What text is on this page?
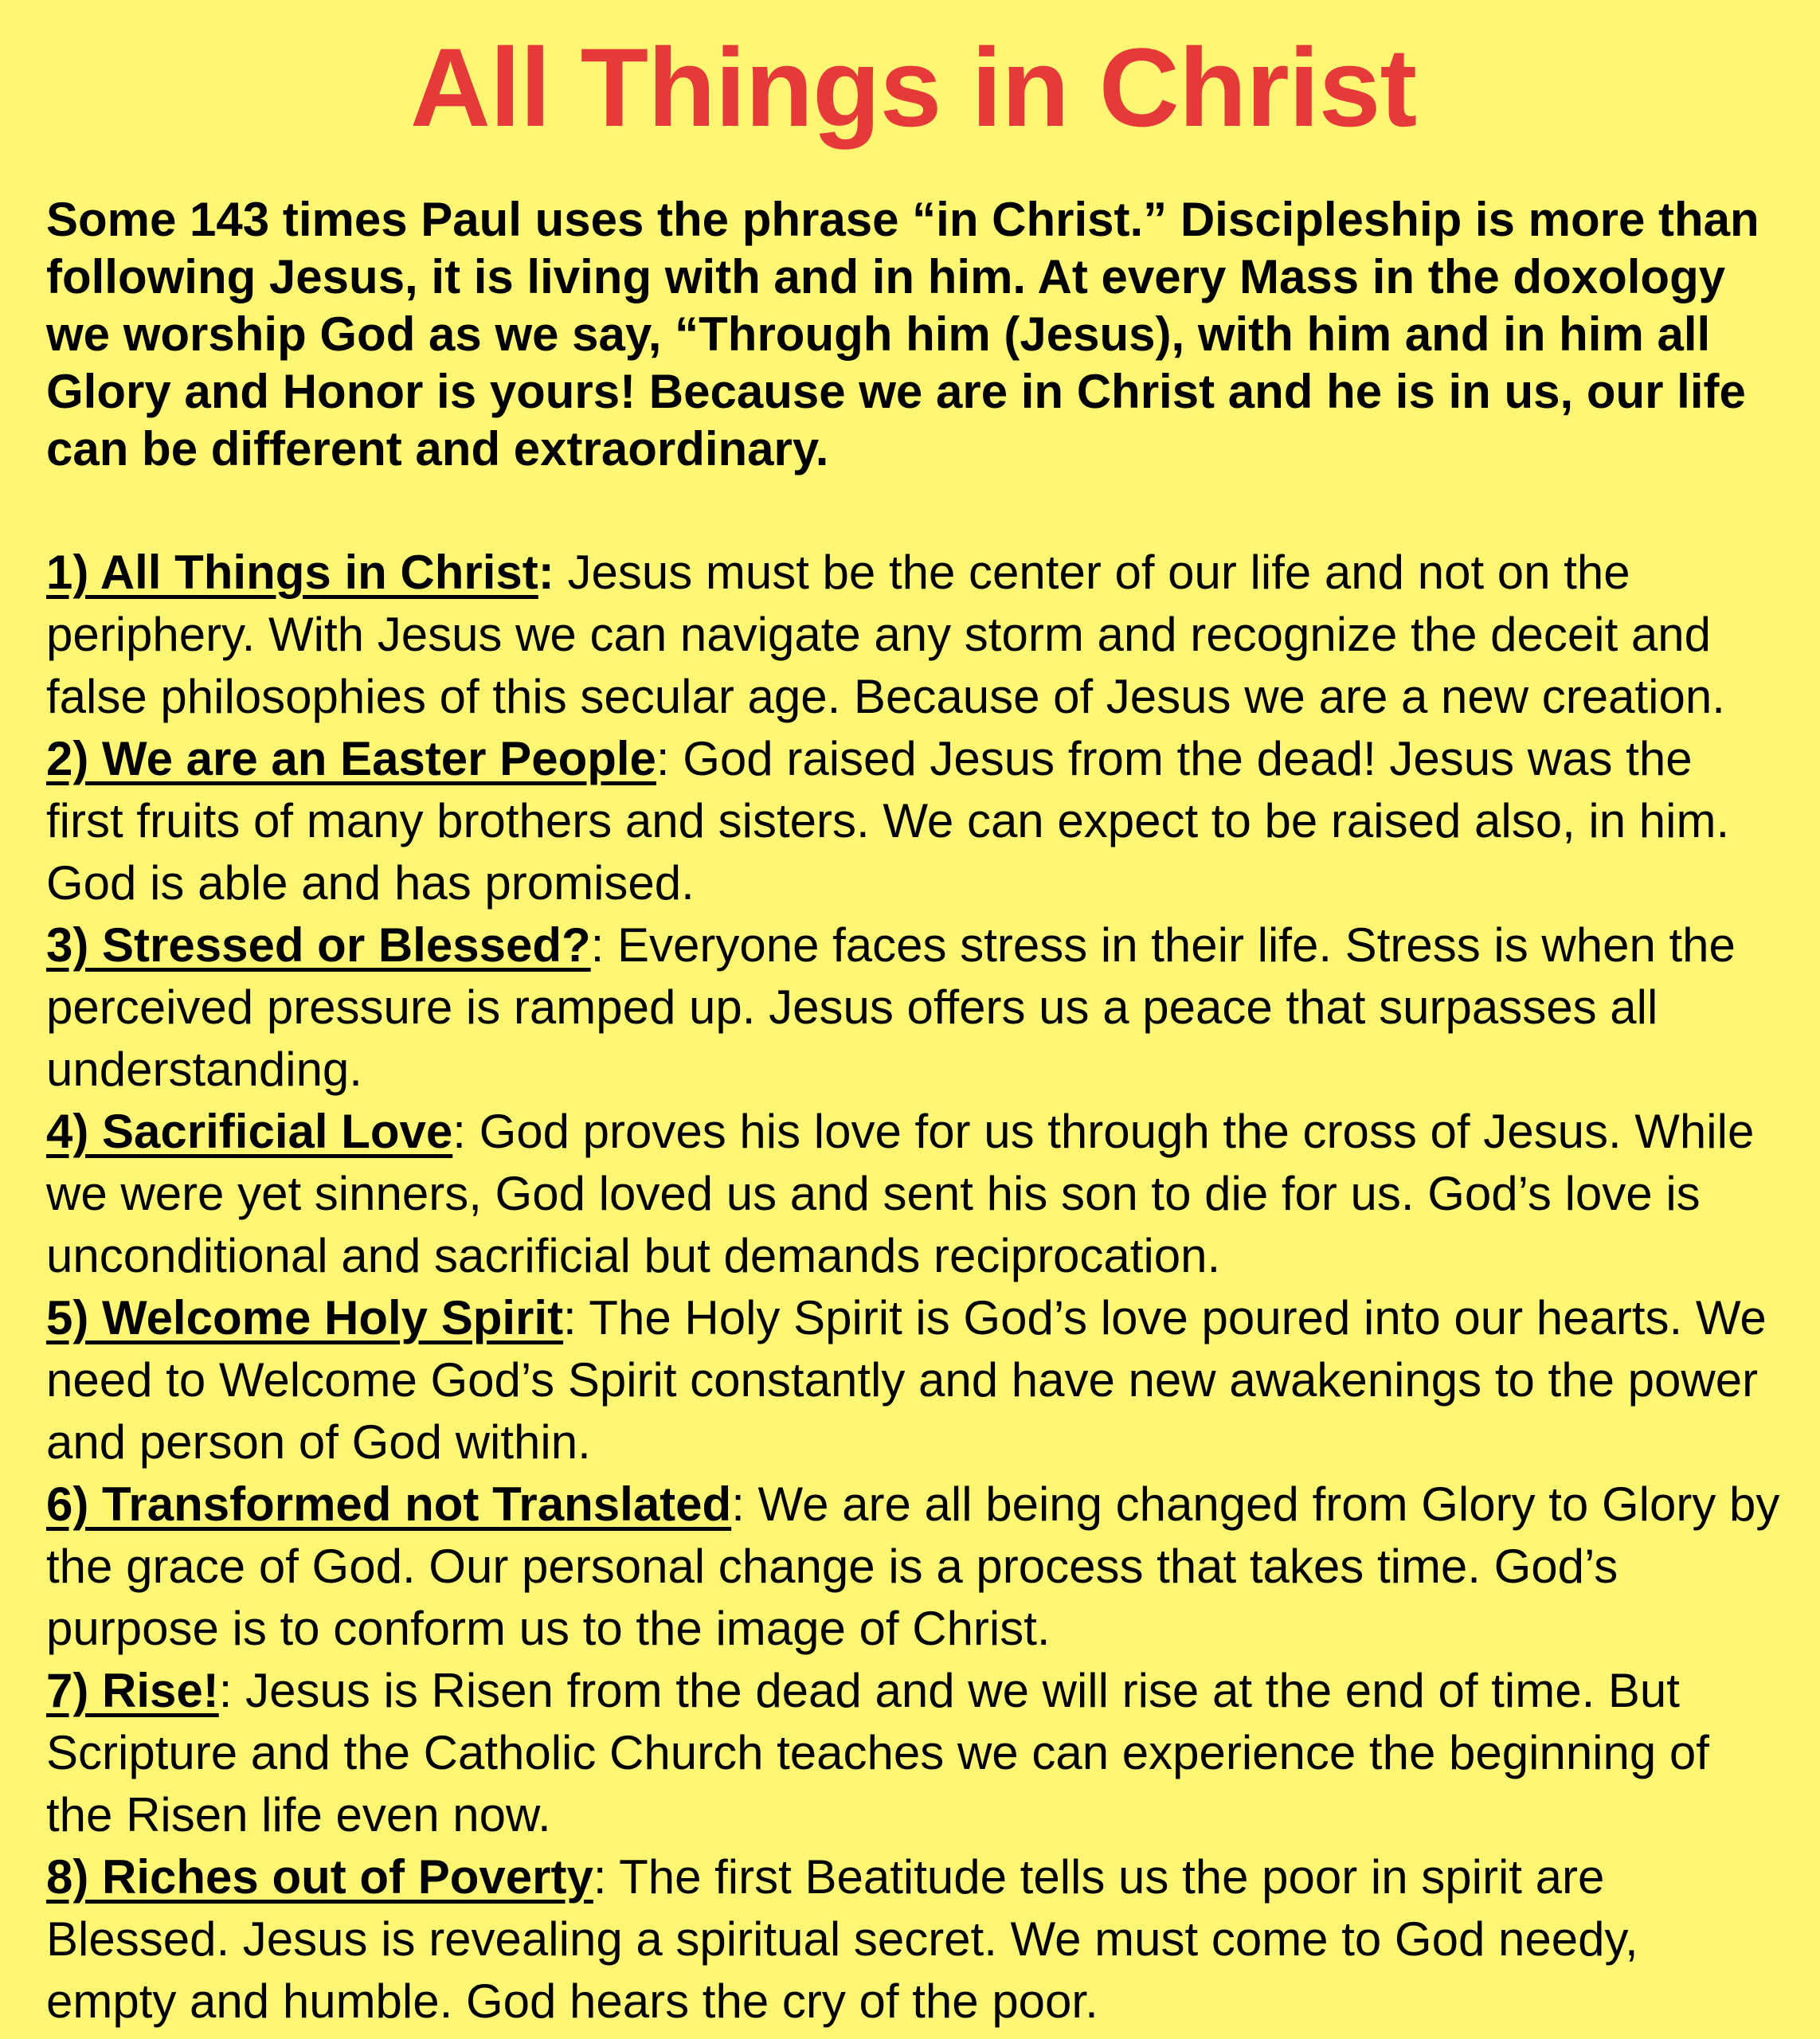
All Things in Christ

Some 143 times Paul uses the phrase “in Christ.” Discipleship is more than following Jesus, it is living with and in him. At every Mass in the doxology we worship God as we say, “Through him (Jesus), with him and in him all Glory and Honor is yours! Because we are in Christ and he is in us, our life can be different and extraordinary.

1) All Things in Christ: Jesus must be the center of our life and not on the periphery. With Jesus we can navigate any storm and recognize the deceit and false philosophies of this secular age. Because of Jesus we are a new creation.
2) We are an Easter People: God raised Jesus from the dead! Jesus was the first fruits of many brothers and sisters. We can expect to be raised also, in him. God is able and has promised.
3) Stressed or Blessed?: Everyone faces stress in their life. Stress is when the perceived pressure is ramped up. Jesus offers us a peace that surpasses all understanding.
4) Sacrificial Love: God proves his love for us through the cross of Jesus. While we were yet sinners, God loved us and sent his son to die for us. God’s love is unconditional and sacrificial but demands reciprocation.
5) Welcome Holy Spirit: The Holy Spirit is God’s love poured into our hearts. We need to Welcome God’s Spirit constantly and have new awakenings to the power and person of God within.
6) Transformed not Translated: We are all being changed from Glory to Glory by the grace of God. Our personal change is a process that takes time. God’s purpose is to conform us to the image of Christ.
7) Rise!: Jesus is Risen from the dead and we will rise at the end of time. But Scripture and the Catholic Church teaches we can experience the beginning of the Risen life even now.
8) Riches out of Poverty: The first Beatitude tells us the poor in spirit are Blessed. Jesus is revealing a spiritual secret. We must come to God needy, empty and humble. God hears the cry of the poor.
